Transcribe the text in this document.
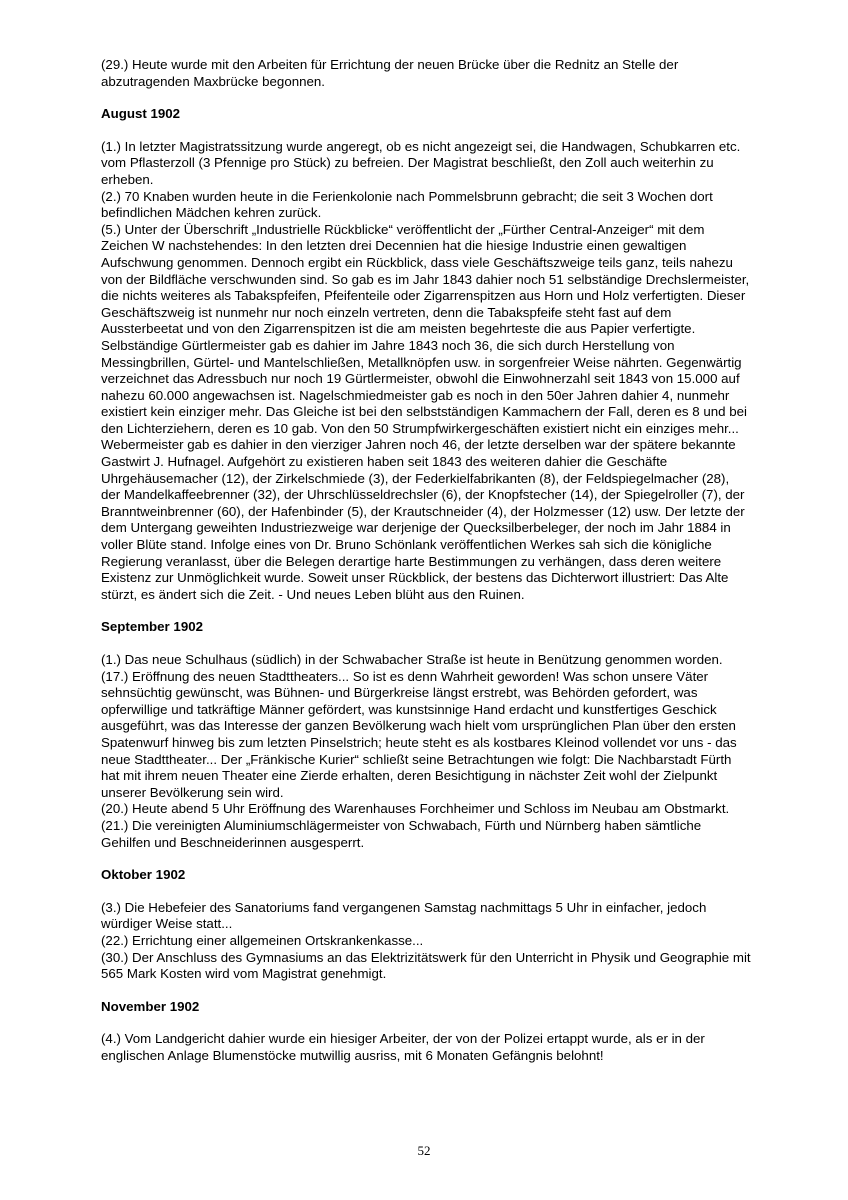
(29.) Heute wurde mit den Arbeiten für Errichtung der neuen Brücke über die Rednitz an Stelle der abzutragenden Maxbrücke begonnen.

August 1902

(1.) In letzter Magistratssitzung wurde angeregt, ob es nicht angezeigt sei, die Handwagen, Schubkarren etc. vom Pflasterzoll (3 Pfennige pro Stück) zu befreien. Der Magistrat beschließt, den Zoll auch weiterhin zu erheben.

(2.) 70 Knaben wurden heute in die Ferienkolonie nach Pommelsbrunn gebracht; die seit 3 Wochen dort befindlichen Mädchen kehren zurück.

(5.) Unter der Überschrift „Industrielle Rückblicke“ veröffentlicht der „Fürther Central-Anzeiger“ mit dem Zeichen W nachstehendes: In den letzten drei Decennien hat die hiesige Industrie einen gewaltigen Aufschwung genommen. Dennoch ergibt ein Rückblick, dass viele Geschäftszweige teils ganz, teils nahezu von der Bildfläche verschwunden sind. So gab es im Jahr 1843 dahier noch 51 selbständige Drechslermeister, die nichts weiteres als Tabakspfeifen, Pfeifenteile oder Zigarrenspitzen aus Horn und Holz verfertigten. Dieser Geschäftszweig ist nunmehr nur noch einzeln vertreten, denn die Tabakspfeife steht fast auf dem Aussterbeetat und von den Zigarrenspitzen ist die am meisten begehrteste die aus Papier verfertigte. Selbständige Gürtlermeister gab es dahier im Jahre 1843 noch 36, die sich durch Herstellung von Messingbrillen, Gürtel- und Mantelschließen, Metallknöpfen usw. in sorgenfreier Weise nährten. Gegenwärtig verzeichnet das Adressbuch nur noch 19 Gürtlermeister, obwohl die Einwohnerzahl seit 1843 von 15.000 auf nahezu 60.000 angewachsen ist. Nagelschmiedmeister gab es noch in den 50er Jahren dahier 4, nunmehr existiert kein einziger mehr. Das Gleiche ist bei den selbstständigen Kammachern der Fall, deren es 8 und bei den Lichterziehern, deren es 10 gab. Von den 50 Strumpfwirkergeschäften existiert nicht ein einziges mehr... Webermeister gab es dahier in den vierziger Jahren noch 46, der letzte derselben war der spätere bekannte Gastwirt J. Hufnagel. Aufgehört zu existieren haben seit 1843 des weiteren dahier die Geschäfte Uhrgehäusemacher (12), der Zirkelschmiede (3), der Federkielfabrikanten (8), der Feldspiegelmacher (28), der Mandelkaffeebrenner (32), der Uhrschlüsseldrechsler (6), der Knopfstecher (14), der Spiegelroller (7), der Branntweinbrenner (60), der Hafenbinder (5), der Krautschneider (4), der Holzmesser (12) usw. Der letzte der dem Untergang geweihten Industriezweige war derjenige der Quecksilberbeleger, der noch im Jahr 1884 in voller Blüte stand. Infolge eines von Dr. Bruno Schönlank veröffentlichen Werkes sah sich die königliche Regierung veranlasst, über die Belegen derartige harte Bestimmungen zu verhängen, dass deren weitere Existenz zur Unmöglichkeit wurde. Soweit unser Rückblick, der bestens das Dichterwort illustriert: Das Alte stürzt, es ändert sich die Zeit. - Und neues Leben blüht aus den Ruinen.

September 1902

(1.) Das neue Schulhaus (südlich) in der Schwabacher Straße ist heute in Benützung genommen worden.

(17.) Eröffnung des neuen Stadttheaters... So ist es denn Wahrheit geworden! Was schon unsere Väter sehnsüchtig gewünscht, was Bühnen- und Bürgerkreise längst erstrebt, was Behörden gefordert, was opferwillige und tatkräftige Männer gefördert, was kunstsinnige Hand erdacht und kunstfertiges Geschick ausgeführt, was das Interesse der ganzen Bevölkerung wach hielt vom ursprünglichen Plan über den ersten Spatenwurf hinweg bis zum letzten Pinselstrich; heute steht es als kostbares Kleinod vollendet vor uns - das neue Stadttheater... Der „Fränkische Kurier“ schließt seine Betrachtungen wie folgt: Die Nachbarstadt Fürth hat mit ihrem neuen Theater eine Zierde erhalten, deren Besichtigung in nächster Zeit wohl der Zielpunkt unserer Bevölkerung sein wird.

(20.) Heute abend 5 Uhr Eröffnung des Warenhauses Forchheimer und Schloss im Neubau am Obstmarkt.

(21.) Die vereinigten Aluminiumschlägermeister von Schwabach, Fürth und Nürnberg haben sämtliche Gehilfen und Beschneiderinnen ausgesperrt.

Oktober 1902

(3.) Die Hebefeier des Sanatoriums fand vergangenen Samstag nachmittags 5 Uhr in einfacher, jedoch würdiger Weise statt...

(22.) Errichtung einer allgemeinen Ortskrankenkasse...

(30.) Der Anschluss des Gymnasiums an das Elektrizitätswerk für den Unterricht in Physik und Geographie mit 565 Mark Kosten wird vom Magistrat genehmigt.

November 1902

(4.) Vom Landgericht dahier wurde ein hiesiger Arbeiter, der von der Polizei ertappt wurde, als er in der englischen Anlage Blumenstöcke mutwillig ausriss, mit 6 Monaten Gefängnis belohnt!

52
